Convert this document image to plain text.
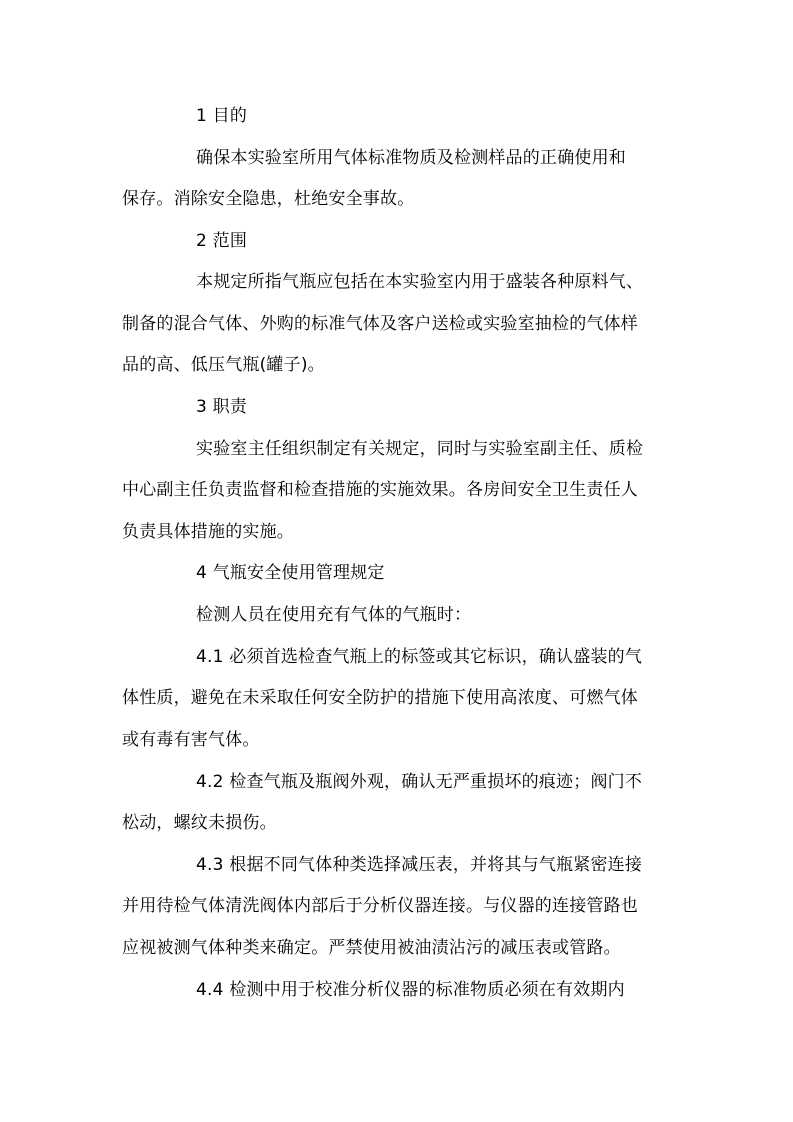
1 目的
确保本实验室所用气体标准物质及检测样品的正确使用和
保存。消除安全隐患，杜绝安全事故。
2 范围
本规定所指气瓶应包括在本实验室内用于盛装各种原料气、
制备的混合气体、外购的标准气体及客户送检或实验室抽检的气体样
品的高、低压气瓶(罐子)。
3 职责
实验室主任组织制定有关规定，同时与实验室副主任、质检
中心副主任负责监督和检查措施的实施效果。各房间安全卫生责任人
负责具体措施的实施。
4 气瓶安全使用管理规定
检测人员在使用充有气体的气瓶时：
4.1 必须首选检查气瓶上的标签或其它标识，确认盛装的气
体性质，避免在未采取任何安全防护的措施下使用高浓度、可燃气体
或有毒有害气体。
4.2 检查气瓶及瓶阀外观，确认无严重损坏的痕迹；阀门不
松动，螺纹未损伤。
4.3 根据不同气体种类选择减压表，并将其与气瓶紧密连接
并用待检气体清洗阀体内部后于分析仪器连接。与仪器的连接管路也
应视被测气体种类来确定。严禁使用被油渍沾污的减压表或管路。
4.4 检测中用于校准分析仪器的标准物质必须在有效期内
